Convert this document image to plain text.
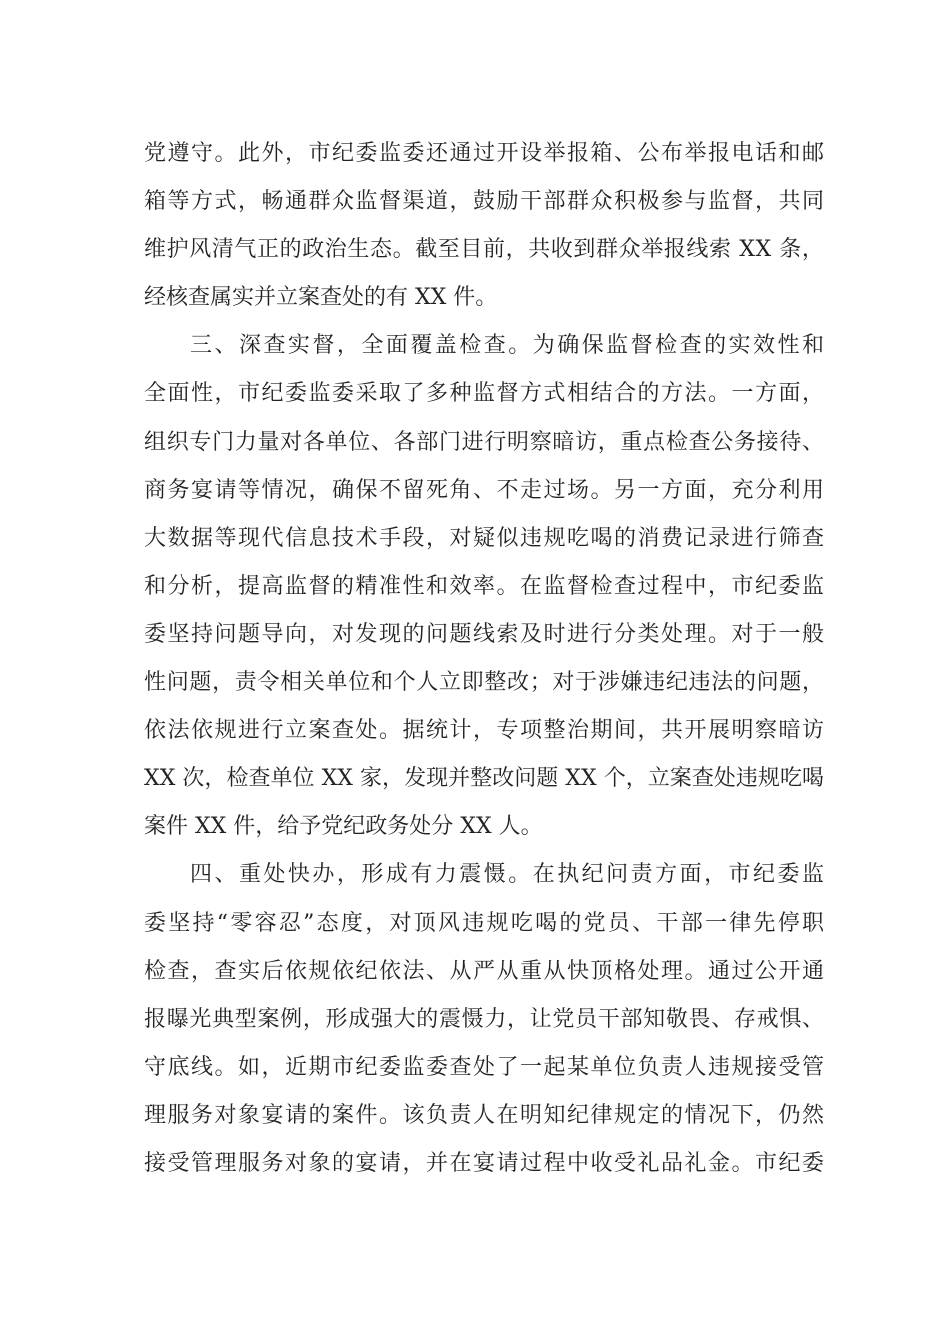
党遵守。此外，市纪委监委还通过开设举报箱、公布举报电话和邮
箱等方式，畅通群众监督渠道，鼓励干部群众积极参与监督，共同
维护风清气正的政治生态。截至目前，共收到群众举报线索 XX 条，
经核查属实并立案查处的有 XX 件。
三、深查实督，全面覆盖检查。为确保监督检查的实效性和
全面性，市纪委监委采取了多种监督方式相结合的方法。一方面，
组织专门力量对各单位、各部门进行明察暗访，重点检查公务接待、
商务宴请等情况，确保不留死角、不走过场。另一方面，充分利用
大数据等现代信息技术手段，对疑似违规吃喝的消费记录进行筛查
和分析，提高监督的精准性和效率。在监督检查过程中，市纪委监
委坚持问题导向，对发现的问题线索及时进行分类处理。对于一般
性问题，责令相关单位和个人立即整改；对于涉嫌违纪违法的问题，
依法依规进行立案查处。据统计，专项整治期间，共开展明察暗访
XX 次，检查单位 XX 家，发现并整改问题 XX 个，立案查处违规吃喝
案件 XX 件，给予党纪政务处分 XX 人。
四、重处快办，形成有力震慑。在执纪问责方面，市纪委监
委坚持“零容忍”态度，对顶风违规吃喝的党员、干部一律先停职
检查，查实后依规依纪依法、从严从重从快顶格处理。通过公开通
报曝光典型案例，形成强大的震慑力，让党员干部知敬畏、存戒惧、
守底线。如，近期市纪委监委查处了一起某单位负责人违规接受管
理服务对象宴请的案件。该负责人在明知纪律规定的情况下，仍然
接受管理服务对象的宴请，并在宴请过程中收受礼品礼金。市纪委
